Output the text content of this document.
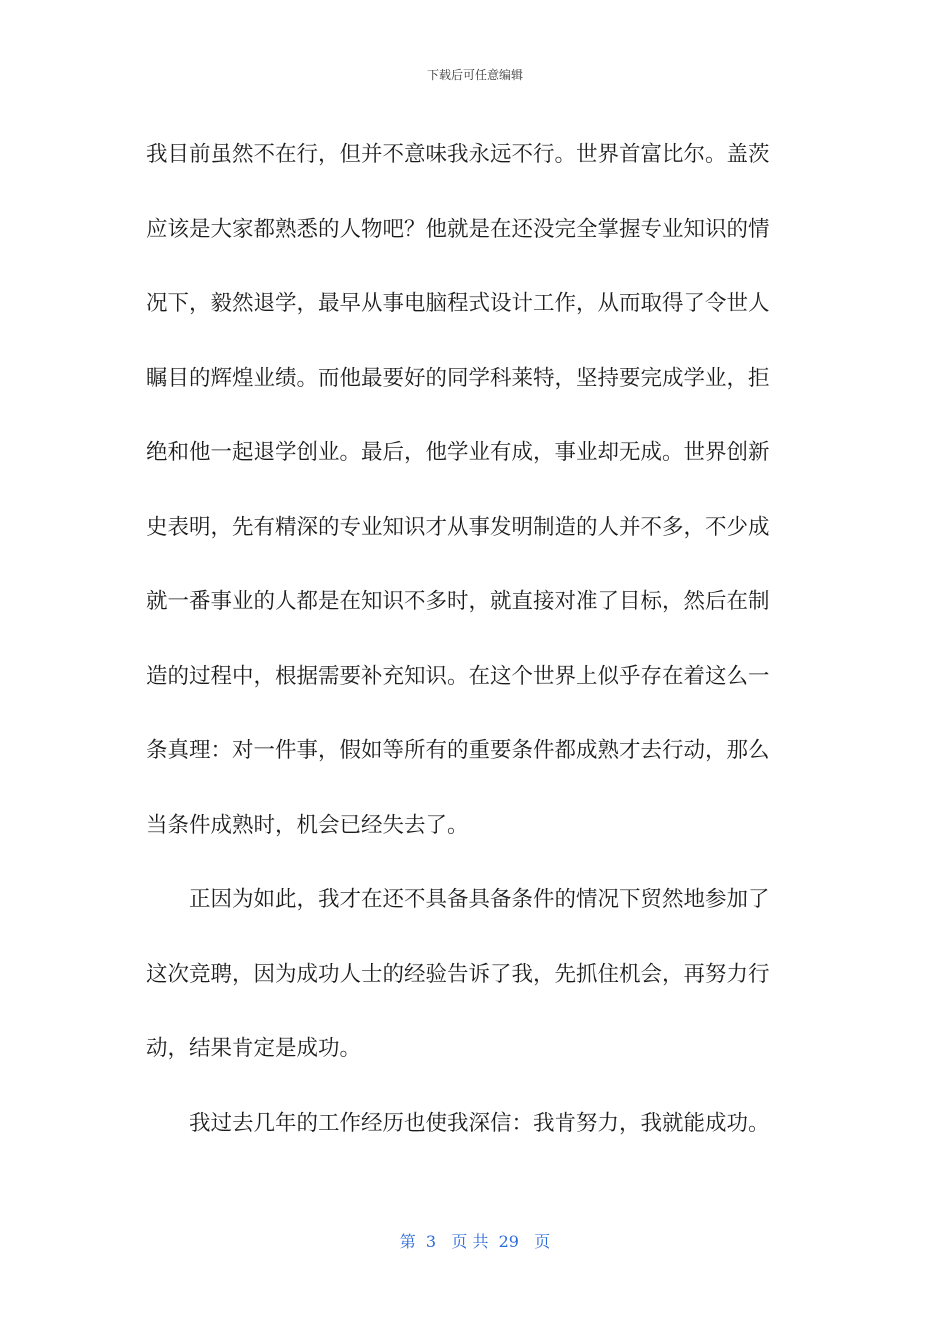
下载后可任意编辑

我目前虽然不在行，但并不意味我永远不行。世界首富比尔。盖茨
应该是大家都熟悉的人物吧？他就是在还没完全掌握专业知识的情
况下，毅然退学，最早从事电脑程式设计工作，从而取得了令世人
瞩目的辉煌业绩。而他最要好的同学科莱特，坚持要完成学业，拒
绝和他一起退学创业。最后，他学业有成，事业却无成。世界创新
史表明，先有精深的专业知识才从事发明制造的人并不多，不少成
就一番事业的人都是在知识不多时，就直接对准了目标，然后在制
造的过程中，根据需要补充知识。在这个世界上似乎存在着这么一
条真理：对一件事，假如等所有的重要条件都成熟才去行动，那么
当条件成熟时，机会已经失去了。

正因为如此，我才在还不具备具备条件的情况下贸然地参加了
这次竞聘，因为成功人士的经验告诉了我，先抓住机会，再努力行
动，结果肯定是成功。

我过去几年的工作经历也使我深信：我肯努力，我就能成功。

第  3   页 共  29   页
